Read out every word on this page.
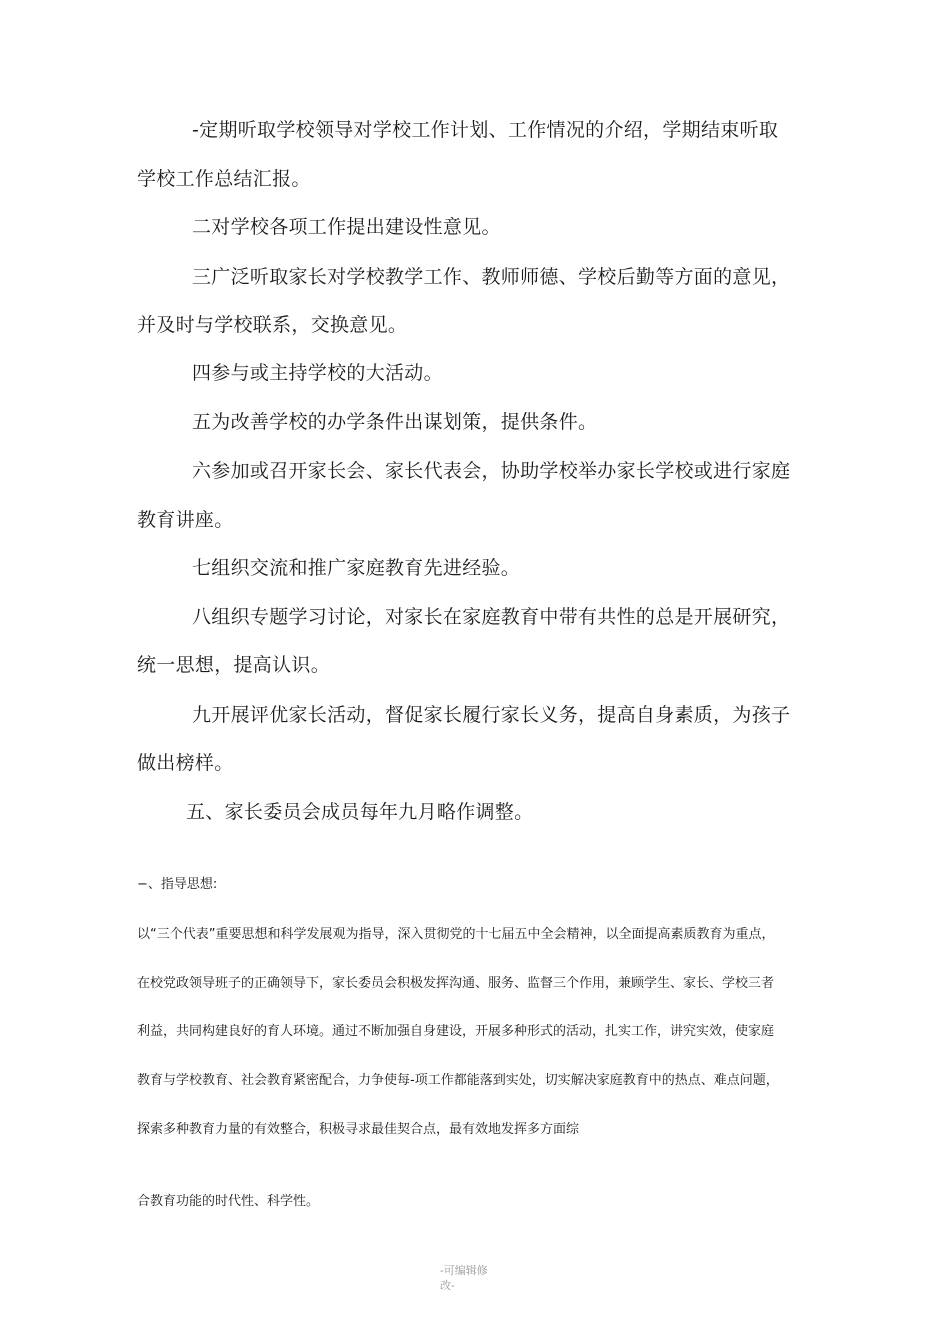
-定期听取学校领导对学校工作计划、工作情况的介绍，学期结束听取
学校工作总结汇报。
二对学校各项工作提出建设性意见。
三广泛听取家长对学校教学工作、教师师德、学校后勤等方面的意见，
并及时与学校联系，交换意见。
四参与或主持学校的大活动。
五为改善学校的办学条件出谋划策，提供条件。
六参加或召开家长会、家长代表会，协助学校举办家长学校或进行家庭
教育讲座。
七组织交流和推广家庭教育先进经验。
八组织专题学习讨论，对家长在家庭教育中带有共性的总是开展研究，
统一思想，提高认识。
九开展评优家长活动，督促家长履行家长义务，提高自身素质，为孩子
做出榜样。
五、家长委员会成员每年九月略作调整。
−、指导思想:
以“三个代表”重要思想和科学发展观为指导，深入贯彻党的十七届五中全会精神，以全面提高素质教育为重点，
在校党政领导班子的正确领导下，家长委员会积极发挥沟通、服务、监督三个作用，兼顾学生、家长、学校三者
利益，共同构建良好的育人环境。通过不断加强自身建设，开展多种形式的活动，扎实工作，讲究实效，使家庭
教育与学校教育、社会教育紧密配合，力争使每-项工作都能落到实处，切实解决家庭教育中的热点、难点问题，
探索多种教育力量的有效整合，积极寻求最佳契合点，最有效地发挥多方面综
合教育功能的时代性、科学性。
-可编辑修改-
